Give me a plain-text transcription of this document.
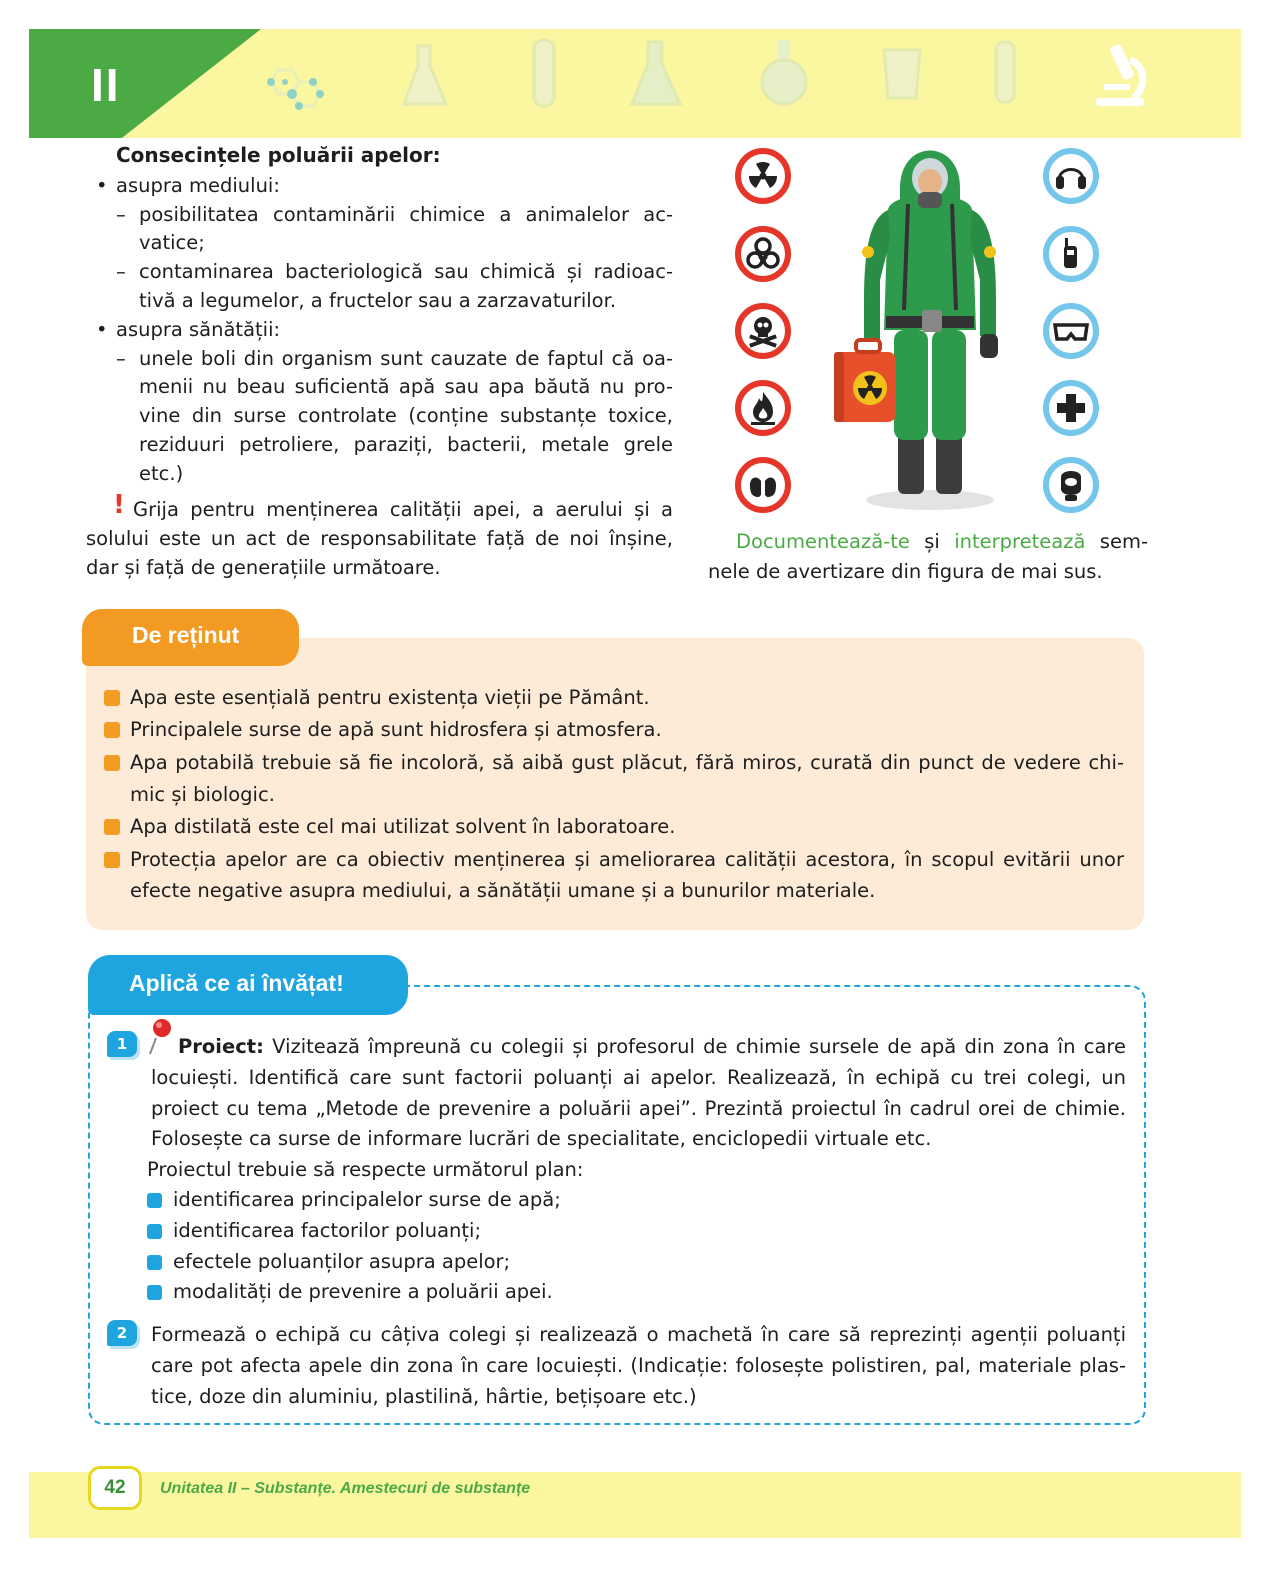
II
Consecințele poluării apelor:
• asupra mediului:
– posibilitatea contaminării chimice a animalelor ac-
vatice;
– contaminarea bacteriologică sau chimică și radioac-
tivă a legumelor, a fructelor sau a zarzavaturilor.
• asupra sănătății:
– unele boli din organism sunt cauzate de faptul că oa-
menii nu beau suficientă apă sau apa băută nu pro-
vine din surse controlate (conține substanțe toxice,
reziduuri petroliere, paraziți, bacterii, metale grele
etc.)
! Grija pentru menținerea calității apei, a aerului și a
solului este un act de responsabilitate față de noi înșine,
dar și față de generațiile următoare.
Documentează-te și interpretează sem-
nele de avertizare din figura de mai sus.
De reținut
Apa este esențială pentru existența vieții pe Pământ.
Principalele surse de apă sunt hidrosfera și atmosfera.
Apa potabilă trebuie să fie incoloră, să aibă gust plăcut, fără miros, curată din punct de vedere chi-
mic și biologic.
Apa distilată este cel mai utilizat solvent în laboratoare.
Protecția apelor are ca obiectiv menținerea și ameliorarea calității acestora, în scopul evitării unor
efecte negative asupra mediului, a sănătății umane și a bunurilor materiale.
Aplică ce ai învățat!
1	Proiect: Vizitează împreună cu colegii și profesorul de chimie sursele de apă din zona în care
locuiești. Identifică care sunt factorii poluanți ai apelor. Realizează, în echipă cu trei colegi, un
proiect cu tema „Metode de prevenire a poluării apei”. Prezintă proiectul în cadrul orei de chimie.
Folosește ca surse de informare lucrări de specialitate, enciclopedii virtuale etc.
Proiectul trebuie să respecte următorul plan:
identificarea principalelor surse de apă;
identificarea factorilor poluanți;
efectele poluanților asupra apelor;
modalități de prevenire a poluării apei.
2	Formează o echipă cu câțiva colegi și realizează o machetă în care să reprezinți agenții poluanți
care pot afecta apele din zona în care locuiești. (Indicație: folosește polistiren, pal, materiale plas-
tice, doze din aluminiu, plastilină, hârtie, bețișoare etc.)
42	Unitatea II – Substanțe. Amestecuri de substanțe
